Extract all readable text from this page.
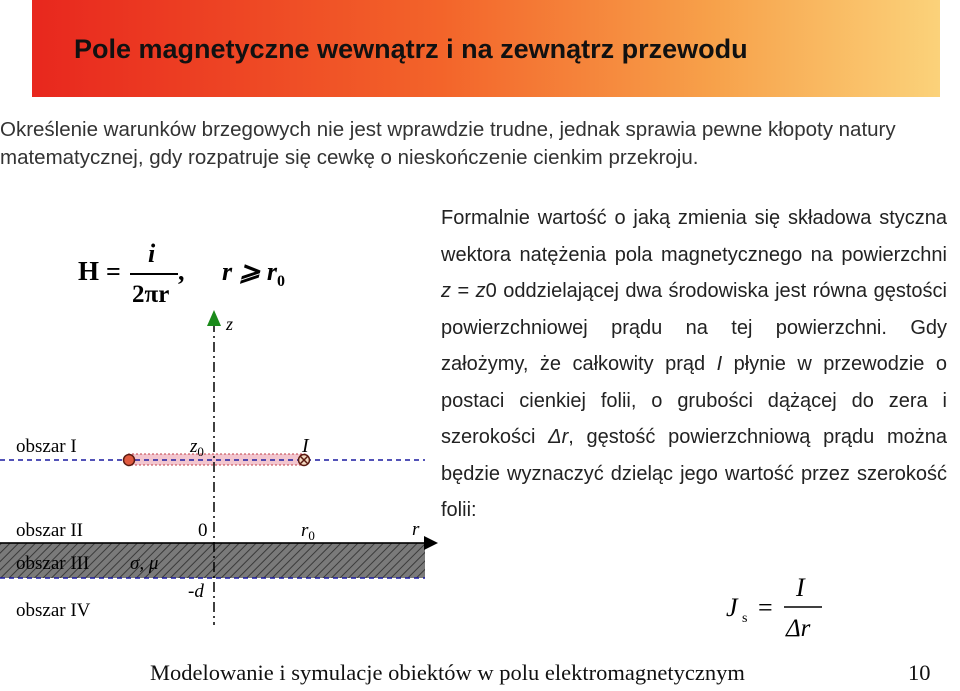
Pole magnetyczne wewnątrz i na zewnątrz przewodu
Określenie warunków brzegowych nie jest wprawdzie trudne, jednak sprawia pewne kłopoty natury matematycznej, gdy rozpatruje się cewkę o nieskończenie cienkim przekroju.
Formalnie wartość o jaką zmienia się składowa styczna wektora natężenia pola magnetycznego na powierzchni z = z0 oddzielającej dwa środowiska jest równa gęstości powierzchniowej prądu na tej powierzchni. Gdy założymy, że całkowity prąd I płynie w przewodzie o postaci cienkiej folii, o grubości dążącej do zera i szerokości Δr, gęstość powierzchniową prądu można będzie wyznaczyć dzieląc jego wartość przez szerokość folii:
H =
i
2πr
, r ⩾ $r_0$
z
$z_0$	I
0	$r_0$	r
-d
σ, μ
obszar I
obszar II
obszar III
obszar IV	J s =
I
Δr
Modelowanie i symulacje obiektów w polu elektromagnetycznym	10
